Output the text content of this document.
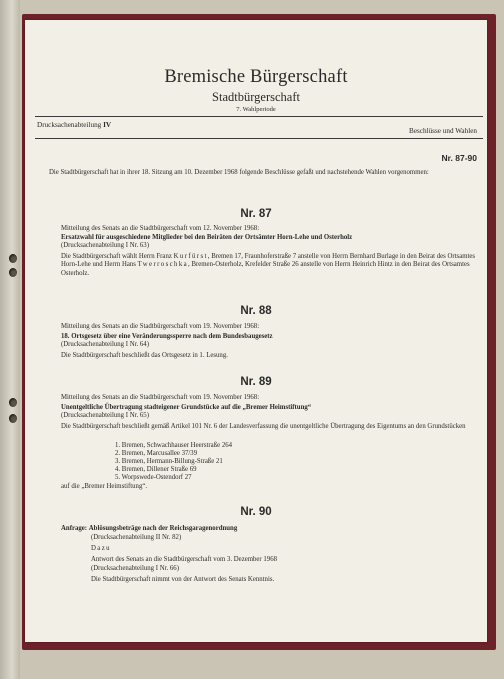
Bremische Bürgerschaft
Stadtbürgerschaft
7. Wahlperiode
Drucksachenabteilung IV
Beschlüsse und Wahlen
Nr. 87-90
Die Stadtbürgerschaft hat in ihrer 18. Sitzung am 10. Dezember 1968 folgende Beschlüsse gefaßt und nachstehende Wahlen vorgenommen:
Nr. 87
Mitteilung des Senats an die Stadtbürgerschaft vom 12. November 1968:
Ersatzwahl für ausgeschiedene Mitglieder bei den Beiräten der Ortsämter Horn-Lehe und Osterholz
(Drucksachenabteilung I Nr. 63)
Die Stadtbürgerschaft wählt Herrn Franz Kurfürst, Bremen 17, Fraunhoferstraße 7 anstelle von Herrn Bernhard Burlage in den Beirat des Ortsamtes Horn-Lehe und Herrn Hans Twerroschka, Bremen-Osterholz, Krefelder Straße 26 anstelle von Herrn Heinrich Hintz in den Beirat des Ortsamtes Osterholz.
Nr. 88
Mitteilung des Senats an die Stadtbürgerschaft vom 19. November 1968:
18. Ortsgesetz über eine Veränderungssperre nach dem Bundesbaugesetz
(Drucksachenabteilung I Nr. 64)
Die Stadtbürgerschaft beschließt das Ortsgesetz in 1. Lesung.
Nr. 89
Mitteilung des Senats an die Stadtbürgerschaft vom 19. November 1968:
Unentgeltliche Übertragung stadteigener Grundstücke auf die „Bremer Heimstiftung“
(Drucksachenabteilung I Nr. 65)
Die Stadtbürgerschaft beschließt gemäß Artikel 101 Nr. 6 der Landesverfassung die unentgeltliche Übertragung des Eigentums an den Grundstücken
1. Bremen, Schwachhauser Heerstraße 264
2. Bremen, Marcusallee 37/39
3. Bremen, Hermann-Billung-Straße 21
4. Bremen, Dillener Straße 69
5. Worpswede-Ostendorf 27
auf die „Bremer Heimstiftung“.
Nr. 90
Anfrage: Ablösungsbeträge nach der Reichsgaragenordnung
(Drucksachenabteilung II Nr. 82)
Dazu
Antwort des Senats an die Stadtbürgerschaft vom 3. Dezember 1968
(Drucksachenabteilung I Nr. 66)
Die Stadtbürgerschaft nimmt von der Antwort des Senats Kenntnis.
